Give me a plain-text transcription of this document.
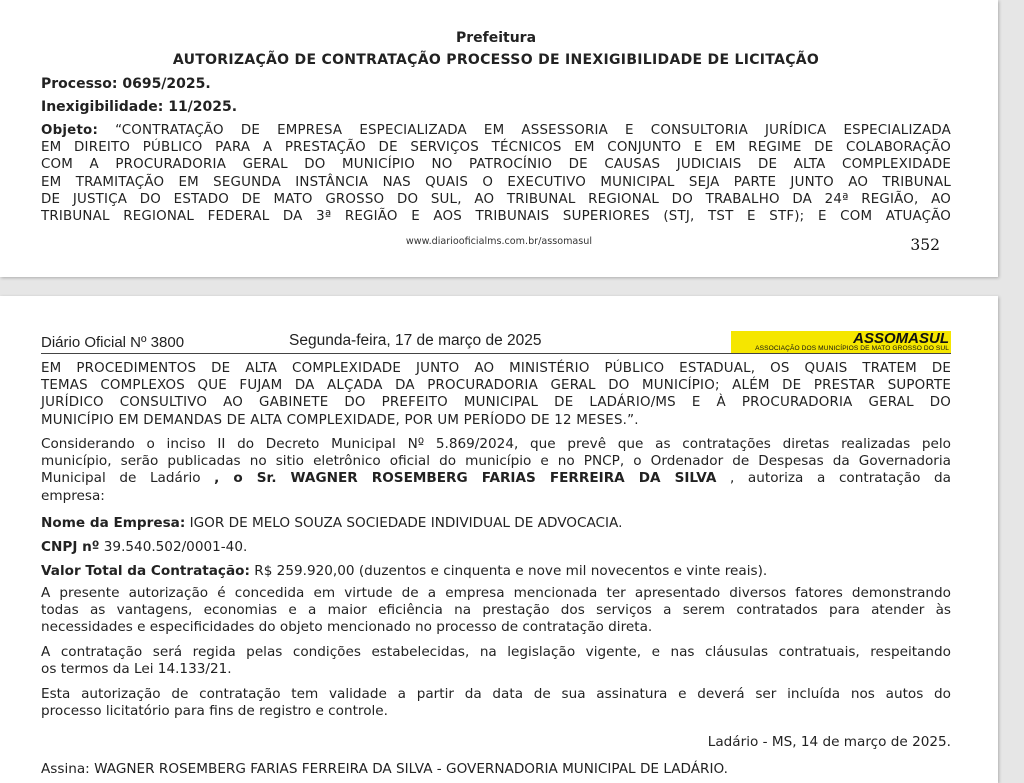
Prefeitura
AUTORIZAÇÃO DE CONTRATAÇÃO PROCESSO DE INEXIGIBILIDADE DE LICITAÇÃO
Processo: 0695/2025.
Inexigibilidade: 11/2025.
Objeto: “CONTRATAÇÃO DE EMPRESA ESPECIALIZADA EM ASSESSORIA E CONSULTORIA JURÍDICA ESPECIALIZADA
EM DIREITO PÚBLICO PARA A PRESTAÇÃO DE SERVIÇOS TÉCNICOS EM CONJUNTO E EM REGIME DE COLABORAÇÃO
COM A PROCURADORIA GERAL DO MUNICÍPIO NO PATROCÍNIO DE CAUSAS JUDICIAIS DE ALTA COMPLEXIDADE
EM TRAMITAÇÃO EM SEGUNDA INSTÂNCIA NAS QUAIS O EXECUTIVO MUNICIPAL SEJA PARTE JUNTO AO TRIBUNAL
DE JUSTIÇA DO ESTADO DE MATO GROSSO DO SUL, AO TRIBUNAL REGIONAL DO TRABALHO DA 24ª REGIÃO, AO
TRIBUNAL REGIONAL FEDERAL DA 3ª REGIÃO E AOS TRIBUNAIS SUPERIORES (STJ, TST E STF); E COM ATUAÇÃO
www.diariooficialms.com.br/assomasul	352
Diário Oficial Nº 3800	Segunda-feira, 17 de março de 2025	ASSOMASUL
ASSOCIAÇÃO DOS MUNICÍPIOS DE MATO GROSSO DO SUL
EM PROCEDIMENTOS DE ALTA COMPLEXIDADE JUNTO AO MINISTÉRIO PÚBLICO ESTADUAL, OS QUAIS TRATEM DE
TEMAS COMPLEXOS QUE FUJAM DA ALÇADA DA PROCURADORIA GERAL DO MUNICÍPIO; ALÉM DE PRESTAR SUPORTE
JURÍDICO CONSULTIVO AO GABINETE DO PREFEITO MUNICIPAL DE LADÁRIO/MS E À PROCURADORIA GERAL DO
MUNICÍPIO EM DEMANDAS DE ALTA COMPLEXIDADE, POR UM PERÍODO DE 12 MESES.”.
Considerando o inciso II do Decreto Municipal Nº 5.869/2024, que prevê que as contratações diretas realizadas pelo
município, serão publicadas no sitio eletrônico oficial do município e no PNCP, o Ordenador de Despesas da Governadoria
Municipal de Ladário , o Sr. WAGNER ROSEMBERG FARIAS FERREIRA DA SILVA , autoriza a contratação da
empresa:
Nome da Empresa: IGOR DE MELO SOUZA SOCIEDADE INDIVIDUAL DE ADVOCACIA.
CNPJ nº 39.540.502/0001-40.
Valor Total da Contratação: R$ 259.920,00 (duzentos e cinquenta e nove mil novecentos e vinte reais).
A presente autorização é concedida em virtude de a empresa mencionada ter apresentado diversos fatores demonstrando
todas as vantagens, economias e a maior eficiência na prestação dos serviços a serem contratados para atender às
necessidades e especificidades do objeto mencionado no processo de contratação direta.
A contratação será regida pelas condições estabelecidas, na legislação vigente, e nas cláusulas contratuais, respeitando
os termos da Lei 14.133/21.
Esta autorização de contratação tem validade a partir da data de sua assinatura e deverá ser incluída nos autos do
processo licitatório para fins de registro e controle.
Ladário - MS, 14 de março de 2025.
Assina: WAGNER ROSEMBERG FARIAS FERREIRA DA SILVA - GOVERNADORIA MUNICIPAL DE LADÁRIO.
